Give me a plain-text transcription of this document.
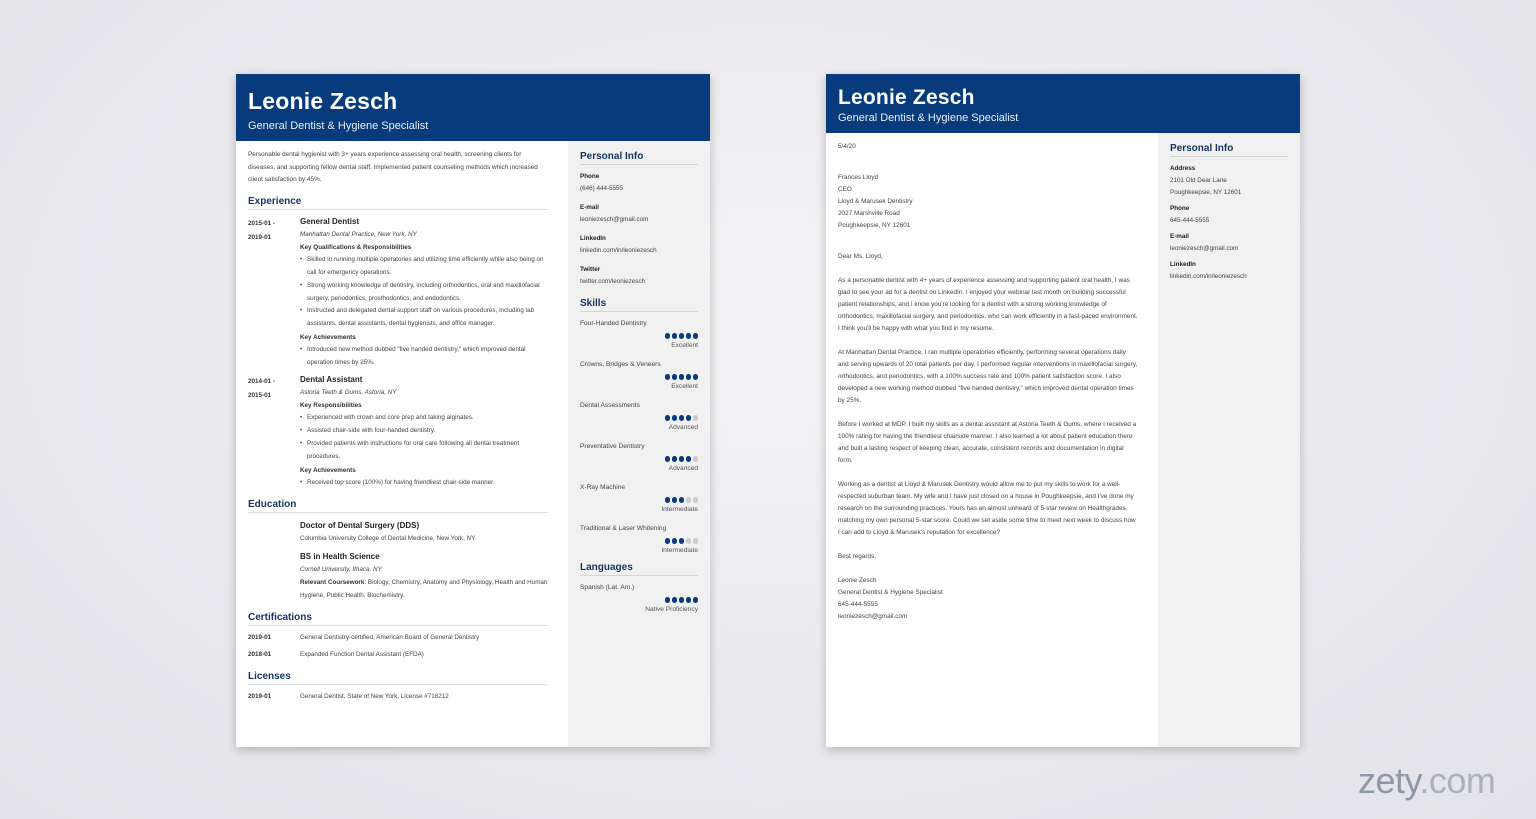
Leonie Zesch
General Dentist & Hygiene Specialist

Personable dental hygienist with 3+ years experience assessing oral health, screening clients for diseases, and supporting fellow dental staff. Implemented patient counseling methods which increased client satisfaction by 45%.

Experience
2015-01 -
2019-01
General Dentist
Manhattan Dental Practice, New York, NY
Key Qualifications & Responsibilities
• Skilled in running multiple operatories and utilizing time efficiently while also being on call for emergency operations.
• Strong working knowledge of dentistry, including orthodontics, oral and maxillofacial surgery, periodontics, prosthodontics, and endodontics.
• Instructed and delegated dental support staff on various procedures, including lab assistants, dental assistants, dental hygienists, and office manager.
Key Achievements
• Introduced new method dubbed "five handed dentistry," which improved dental operation times by 25%.
2014-01 -
2015-01
Dental Assistant
Astoria Teeth & Gums, Astoria, NY
Key Responsibilities
• Experienced with crown and core prep and taking alginates.
• Assisted chair-side with four-handed dentistry.
• Provided patients with instructions for oral care following all dental treatment procedures.
Key Achievements
• Received top score (100%) for having friendliest chair-side manner.
Education
Doctor of Dental Surgery (DDS)
Columbia University College of Dental Medicine, New York, NY
BS in Health Science
Cornell University, Ithaca, NY
Relevant Coursework: Biology, Chemistry, Anatomy and Physiology, Health and Human Hygiene, Public Health, Biochemistry.
Certifications
2019-01	General Dentistry-certified, American Board of General Dentistry
2018-01	Expanded Function Dental Assistant (EFDA)
Licenses
2019-01	General Dentist, State of New York, License #718212
Personal Info
Phone
(646) 444-5555
E-mail
leoniezesch@gmail.com
LinkedIn
linkedin.com/in/leoniezesch
Twitter
twitter.com/leoniezesch
Skills
Four-Handed Dentistry
Excellent
Crowns, Bridges & Veneers
Excellent
Dental Assessments
Advanced
Preventative Dentistry
Advanced
X-Ray Machine
Intermediate
Traditional & Laser Whitening
Intermediate
Languages
Spanish (Lat. Am.)
Native Proficiency
Leonie Zesch
General Dentist & Hygiene Specialist

5/4/20

Frances Lloyd

CEO

Lloyd & Marusek Dentistry

2027 Marshville Road

Poughkeepsie, NY 12601

Dear Ms. Lloyd,

As a personable dentist with 4+ years of experience assessing and supporting patient oral health, I was glad to see your ad for a dentist on LinkedIn. I enjoyed your webinar last month on building successful patient relationships, and I know you're looking for a dentist with a strong working knowledge of orthodontics, maxillofacial surgery, and periodontics, who can work efficiently in a fast-paced environment. I think you'll be happy with what you find in my resume.

At Manhattan Dental Practice, I ran multiple operatories efficiently, performing several operations daily and serving upwards of 20 total patients per day. I performed regular interventions in maxillofacial surgery, orthodontics, and periodontics, with a 100% success rate and 100% patient satisfaction score. I also developed a new working method dubbed "five handed dentistry," which improved dental operation times by 25%.

Before I worked at MDP, I built my skills as a dental assistant at Astoria Teeth & Gums, where I received a 100% rating for having the friendliest chairside manner. I also learned a lot about patient education there and built a lasting respect of keeping clean, accurate, consistent records and documentation in digital form.

Working as a dentist at Lloyd & Marusek Dentistry would allow me to put my skills to work for a well-respected suburban team. My wife and I have just closed on a house in Poughkeepsie, and I've done my research on the surrounding practices. Yours has an almost unheard of 5-star review on Healthgrades, matching my own personal 5-star score. Could we set aside some time to meet next week to discuss how I can add to Lloyd & Marusek's reputation for excellence?

Best regards,

Leonie Zesch

General Dentist & Hygiene Specialist

645-444-5555

leoniezesch@gmail.com

Personal Info
Address
2101 Old Dear Lane
Poughkeepsie, NY 12601
Phone
645-444-5555
E-mail
leoniezesch@gmail.com
LinkedIn
linkedin.com/in/leoniezesch
zety.com
